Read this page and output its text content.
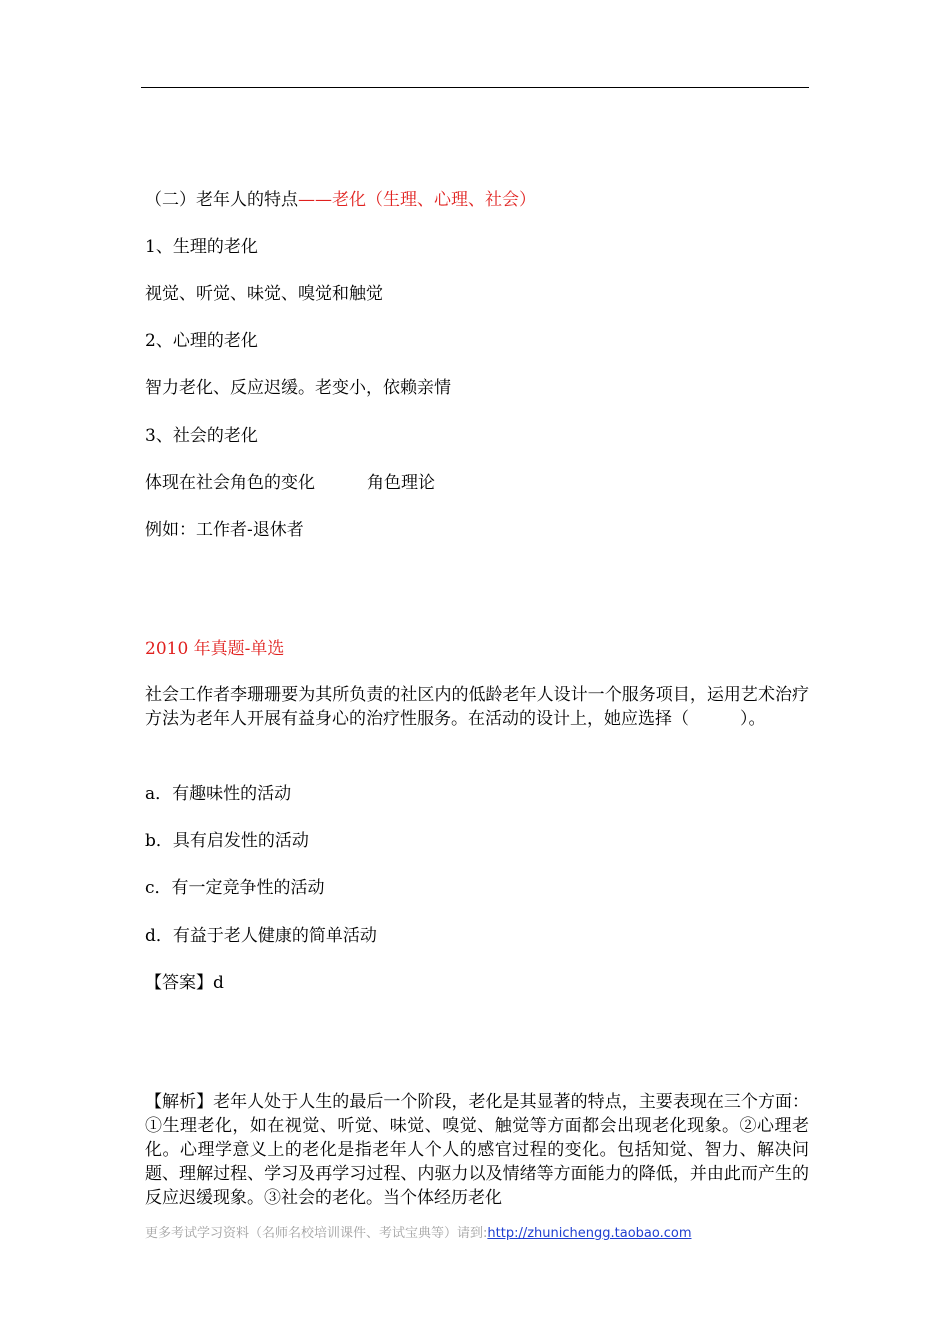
（二）老年人的特点——老化（生理、心理、社会）
1、生理的老化
视觉、听觉、味觉、嗅觉和触觉
2、心理的老化
智力老化、反应迟缓。老变小，依赖亲情
3、社会的老化
体现在社会角色的变化	角色理论
例如：工作者-退休者
2010 年真题-单选
社会工作者李珊珊要为其所负责的社区内的低龄老年人设计一个服务项目，运用艺术治疗方法为老年人开展有益身心的治疗性服务。在活动的设计上，她应选择（　　　）。
a．有趣味性的活动
b．具有启发性的活动
c．有一定竞争性的活动
d．有益于老人健康的简单活动
【答案】d
【解析】老年人处于人生的最后一个阶段，老化是其显著的特点，主要表现在三个方面：①生理老化，如在视觉、听觉、味觉、嗅觉、触觉等方面都会出现老化现象。②心理老化。心理学意义上的老化是指老年人个人的感官过程的变化。包括知觉、智力、解决问题、理解过程、学习及再学习过程、内驱力以及情绪等方面能力的降低，并由此而产生的反应迟缓现象。③社会的老化。当个体经历老化
更多考试学习资料（名师名校培训课件、考试宝典等）请到:http://zhunichengg.taobao.com
